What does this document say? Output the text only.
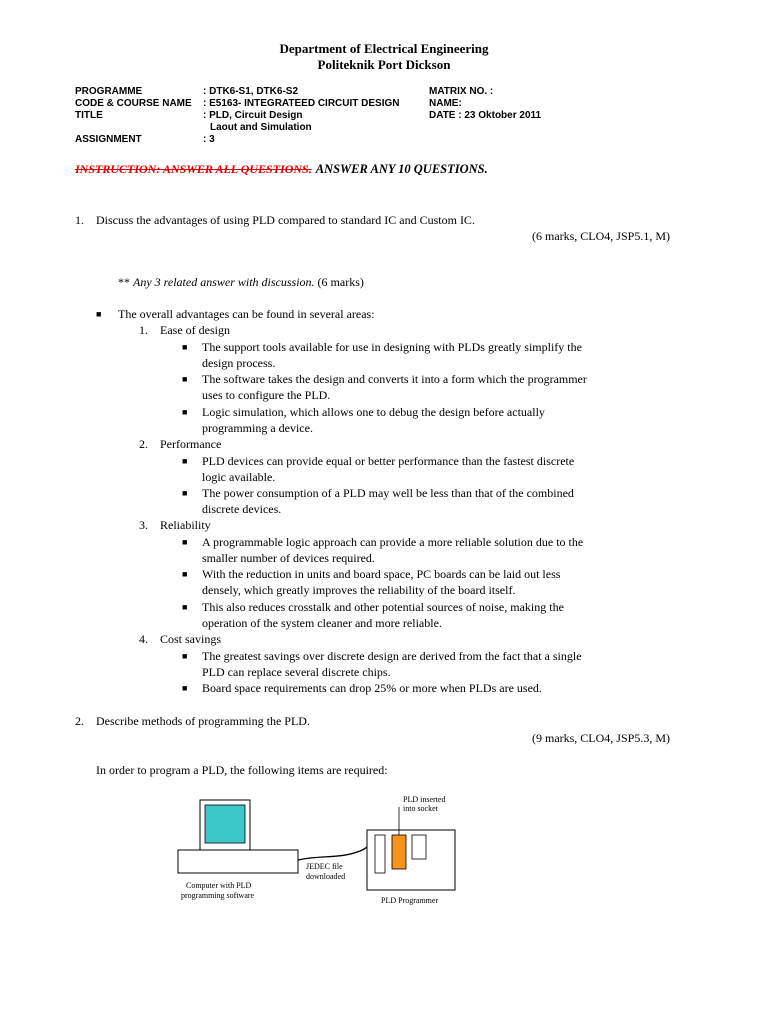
Department of Electrical Engineering
Politeknik Port Dickson
PROGRAMME	: DTK6-S1, DTK6-S2
CODE & COURSE NAME : E5163- INTEGRATEED CIRCUIT DESIGN
TITLE	: PLD, Circuit Design
Laout and Simulation
ASSIGNMENT	: 3
MATRIX NO. :
NAME:
DATE : 23 Oktober 2011
INSTRUCTION: ANSWER ALL QUESTIONS. ANSWER ANY 10 QUESTIONS.
1. Discuss the advantages of using PLD compared to standard IC and Custom IC.
(6 marks, CLO4, JSP5.1, M)
** Any 3 related answer with discussion. (6 marks)
■ The overall advantages can be found in several areas:
1. Ease of design
■ The support tools available for use in designing with PLDs greatly simplify the
design process.
■ The software takes the design and converts it into a form which the programmer
uses to configure the PLD.
■ Logic simulation, which allows one to debug the design before actually
programming a device.
2. Performance
■ PLD devices can provide equal or better performance than the fastest discrete
logic available.
■ The power consumption of a PLD may well be less than that of the combined
discrete devices.
3. Reliability
■ A programmable logic approach can provide a more reliable solution due to the
smaller number of devices required.
■ With the reduction in units and board space, PC boards can be laid out less
densely, which greatly improves the reliability of the board itself.
■ This also reduces crosstalk and other potential sources of noise, making the
operation of the system cleaner and more reliable.
4. Cost savings
■ The greatest savings over discrete design are derived from the fact that a single
PLD can replace several discrete chips.
■ Board space requirements can drop 25% or more when PLDs are used.
2. Describe methods of programming the PLD.
(9 marks, CLO4, JSP5.3, M)
In order to program a PLD, the following items are required:
PLD inserted
into socket
JEDEC file
downloaded
Computer with PLD
programming software
PLD Programmer
